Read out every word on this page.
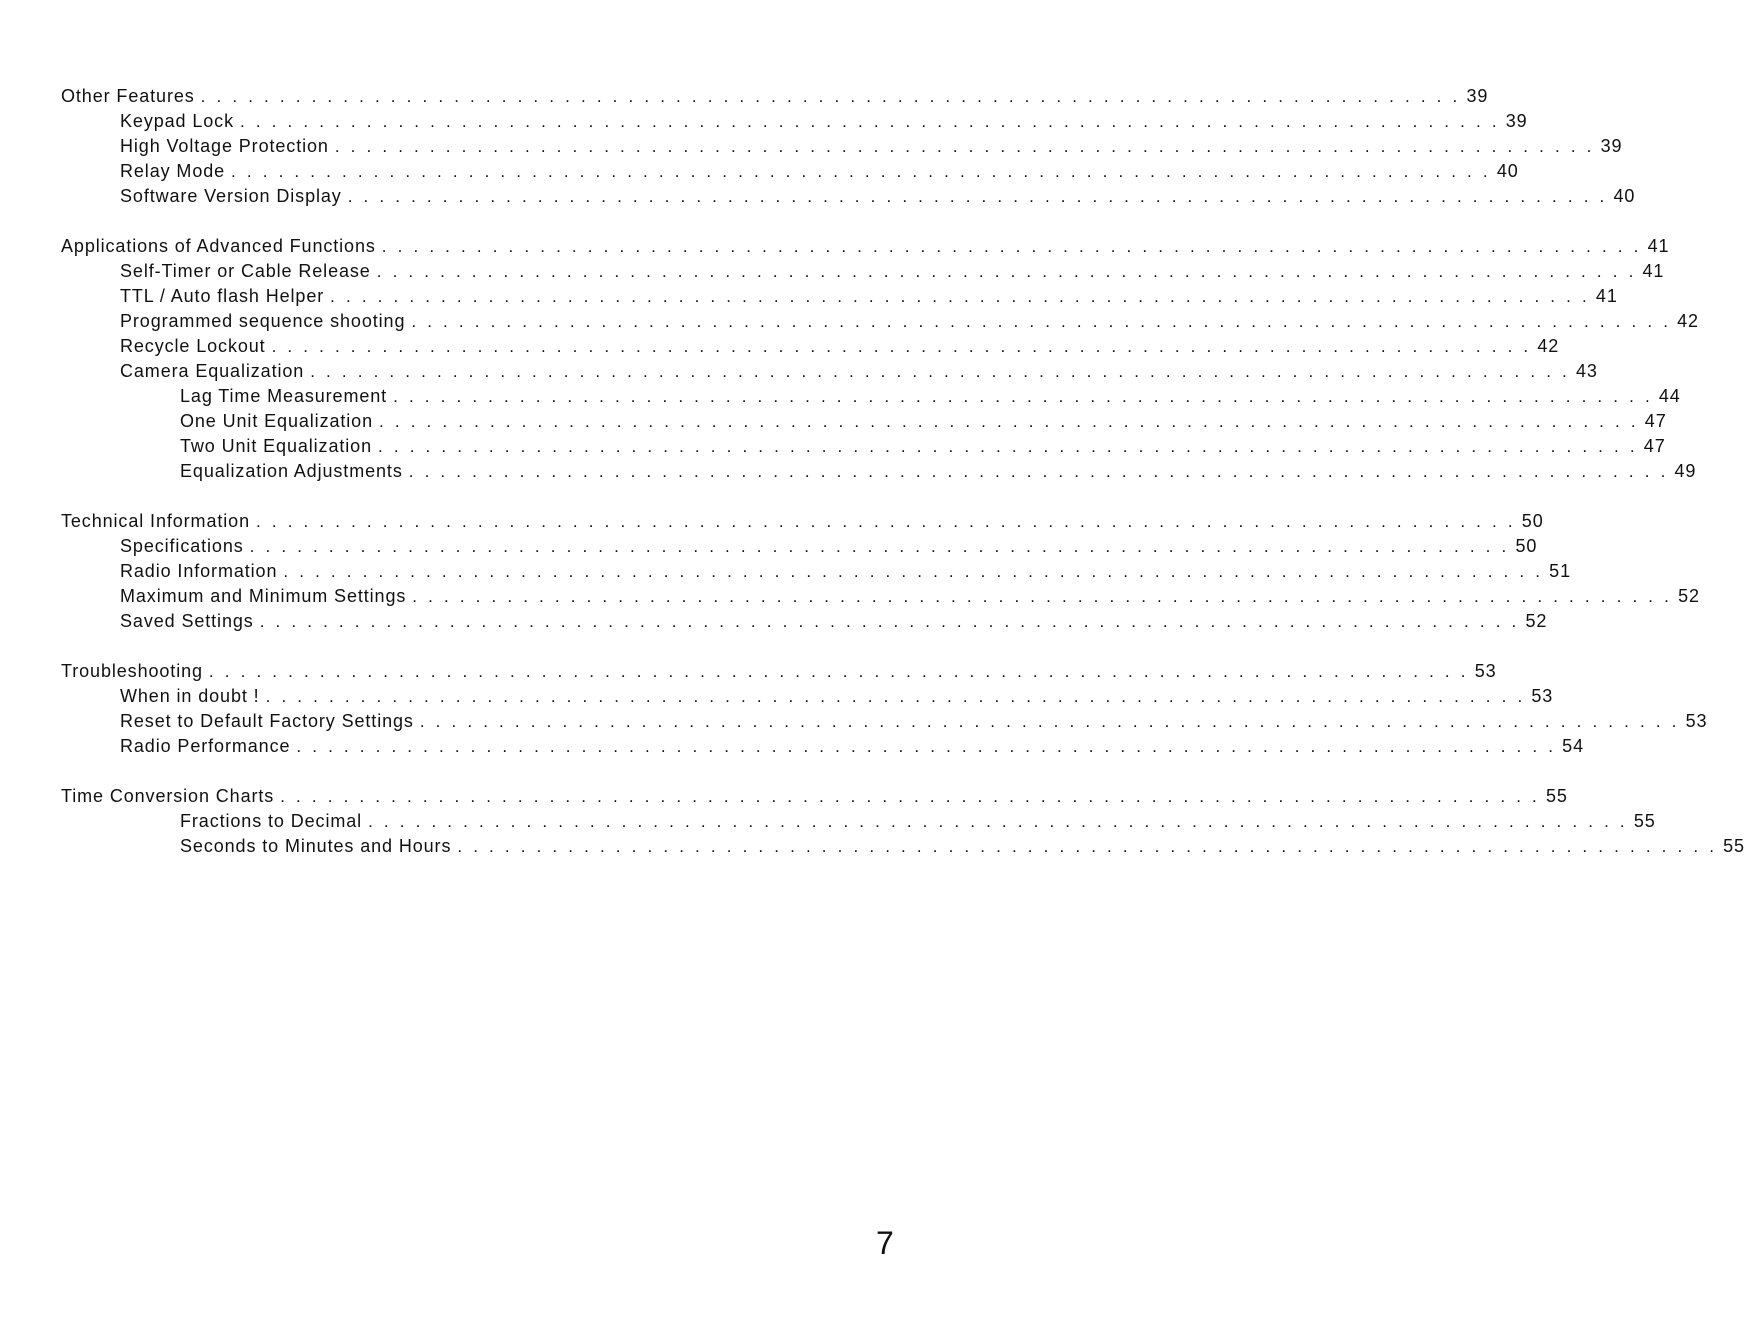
Other Features . . . . . . . . . . . . . . . . . . . . . . . . . . . . . . . . . . . . . . . . . . . . . . . . . . . . . . . . . . . . . . . . . . . . . . . . . . . . . . . . 39
Keypad Lock . . . . . . . . . . . . . . . . . . . . . . . . . . . . . . . . . . . . . . . . . . . . . . . . . . . . . . . . . . . . . . . . . . . . . . . . . . . . . . . . 39
High Voltage Protection . . . . . . . . . . . . . . . . . . . . . . . . . . . . . . . . . . . . . . . . . . . . . . . . . . . . . . . . . . . . . . . . . . . . . . . . . . . . . . . . 39
Relay Mode . . . . . . . . . . . . . . . . . . . . . . . . . . . . . . . . . . . . . . . . . . . . . . . . . . . . . . . . . . . . . . . . . . . . . . . . . . . . . . . . 40
Software Version Display . . . . . . . . . . . . . . . . . . . . . . . . . . . . . . . . . . . . . . . . . . . . . . . . . . . . . . . . . . . . . . . . . . . . . . . . . . . . . . . . 40
Applications of Advanced Functions . . . . . . . . . . . . . . . . . . . . . . . . . . . . . . . . . . . . . . . . . . . . . . . . . . . . . . . . . . . . . . . . . . . . . . . . . . . . . . . . 41
Self-Timer or Cable Release . . . . . . . . . . . . . . . . . . . . . . . . . . . . . . . . . . . . . . . . . . . . . . . . . . . . . . . . . . . . . . . . . . . . . . . . . . . . . . . . 41
TTL / Auto flash Helper . . . . . . . . . . . . . . . . . . . . . . . . . . . . . . . . . . . . . . . . . . . . . . . . . . . . . . . . . . . . . . . . . . . . . . . . . . . . . . . . 41
Programmed sequence shooting . . . . . . . . . . . . . . . . . . . . . . . . . . . . . . . . . . . . . . . . . . . . . . . . . . . . . . . . . . . . . . . . . . . . . . . . . . . . . . . . 42
Recycle Lockout . . . . . . . . . . . . . . . . . . . . . . . . . . . . . . . . . . . . . . . . . . . . . . . . . . . . . . . . . . . . . . . . . . . . . . . . . . . . . . . . 42
Camera Equalization . . . . . . . . . . . . . . . . . . . . . . . . . . . . . . . . . . . . . . . . . . . . . . . . . . . . . . . . . . . . . . . . . . . . . . . . . . . . . . . . 43
Lag Time Measurement . . . . . . . . . . . . . . . . . . . . . . . . . . . . . . . . . . . . . . . . . . . . . . . . . . . . . . . . . . . . . . . . . . . . . . . . . . . . . . . . 44
One Unit Equalization . . . . . . . . . . . . . . . . . . . . . . . . . . . . . . . . . . . . . . . . . . . . . . . . . . . . . . . . . . . . . . . . . . . . . . . . . . . . . . . . 47
Two Unit Equalization . . . . . . . . . . . . . . . . . . . . . . . . . . . . . . . . . . . . . . . . . . . . . . . . . . . . . . . . . . . . . . . . . . . . . . . . . . . . . . . . 47
Equalization Adjustments . . . . . . . . . . . . . . . . . . . . . . . . . . . . . . . . . . . . . . . . . . . . . . . . . . . . . . . . . . . . . . . . . . . . . . . . . . . . . . . . 49
Technical Information . . . . . . . . . . . . . . . . . . . . . . . . . . . . . . . . . . . . . . . . . . . . . . . . . . . . . . . . . . . . . . . . . . . . . . . . . . . . . . . . 50
Specifications . . . . . . . . . . . . . . . . . . . . . . . . . . . . . . . . . . . . . . . . . . . . . . . . . . . . . . . . . . . . . . . . . . . . . . . . . . . . . . . . 50
Radio Information . . . . . . . . . . . . . . . . . . . . . . . . . . . . . . . . . . . . . . . . . . . . . . . . . . . . . . . . . . . . . . . . . . . . . . . . . . . . . . . . 51
Maximum and Minimum Settings . . . . . . . . . . . . . . . . . . . . . . . . . . . . . . . . . . . . . . . . . . . . . . . . . . . . . . . . . . . . . . . . . . . . . . . . . . . . . . . . 52
Saved Settings . . . . . . . . . . . . . . . . . . . . . . . . . . . . . . . . . . . . . . . . . . . . . . . . . . . . . . . . . . . . . . . . . . . . . . . . . . . . . . . . 52
Troubleshooting . . . . . . . . . . . . . . . . . . . . . . . . . . . . . . . . . . . . . . . . . . . . . . . . . . . . . . . . . . . . . . . . . . . . . . . . . . . . . . . . 53
When in doubt ! . . . . . . . . . . . . . . . . . . . . . . . . . . . . . . . . . . . . . . . . . . . . . . . . . . . . . . . . . . . . . . . . . . . . . . . . . . . . . . . . 53
Reset to Default Factory Settings . . . . . . . . . . . . . . . . . . . . . . . . . . . . . . . . . . . . . . . . . . . . . . . . . . . . . . . . . . . . . . . . . . . . . . . . . . . . . . . . 53
Radio Performance . . . . . . . . . . . . . . . . . . . . . . . . . . . . . . . . . . . . . . . . . . . . . . . . . . . . . . . . . . . . . . . . . . . . . . . . . . . . . . . . 54
Time Conversion Charts . . . . . . . . . . . . . . . . . . . . . . . . . . . . . . . . . . . . . . . . . . . . . . . . . . . . . . . . . . . . . . . . . . . . . . . . . . . . . . . . 55
Fractions to Decimal . . . . . . . . . . . . . . . . . . . . . . . . . . . . . . . . . . . . . . . . . . . . . . . . . . . . . . . . . . . . . . . . . . . . . . . . . . . . . . . . 55
Seconds to Minutes and Hours . . . . . . . . . . . . . . . . . . . . . . . . . . . . . . . . . . . . . . . . . . . . . . . . . . . . . . . . . . . . . . . . . . . . . . . . . . . . . . . . 55
7
